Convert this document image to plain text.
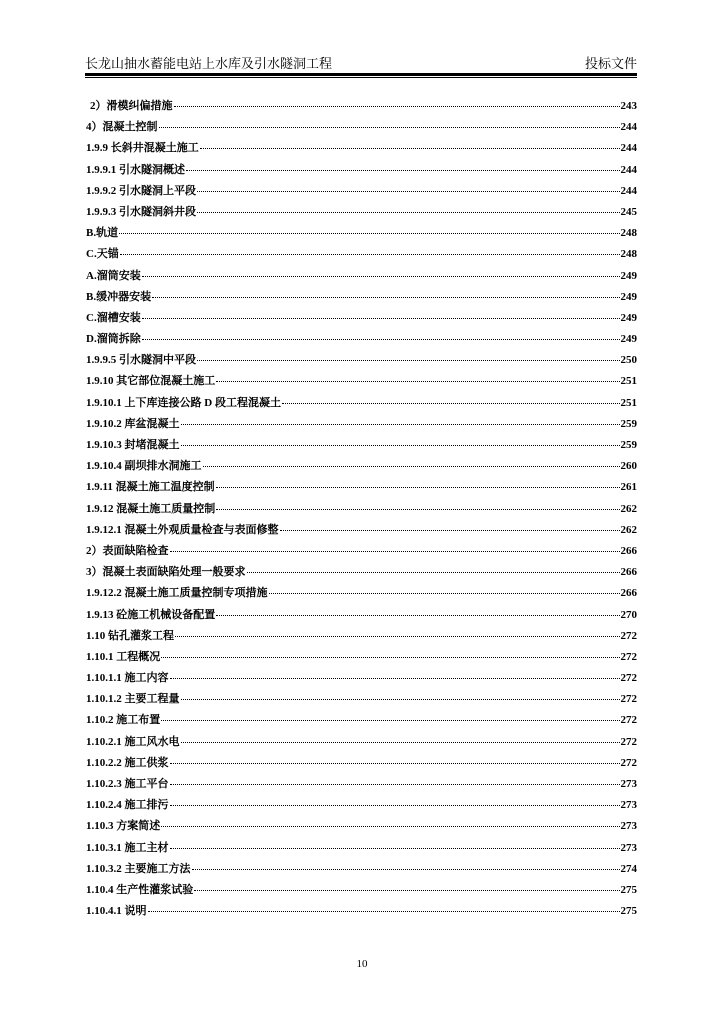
长龙山抽水蓄能电站上水库及引水隧洞工程	投标文件
2）滑模纠偏措施	243
4）混凝土控制	244
1.9.9 长斜井混凝土施工	244
1.9.9.1 引水隧洞概述	244
1.9.9.2 引水隧洞上平段	244
1.9.9.3 引水隧洞斜井段	245
B.轨道	248
C.天锚	248
A.溜筒安装	249
B.缓冲器安装	249
C.溜槽安装	249
D.溜筒拆除	249
1.9.9.5 引水隧洞中平段	250
1.9.10 其它部位混凝土施工	251
1.9.10.1 上下库连接公路 D 段工程混凝土	251
1.9.10.2 库盆混凝土	259
1.9.10.3 封堵混凝土	259
1.9.10.4 副坝排水洞施工	260
1.9.11 混凝土施工温度控制	261
1.9.12 混凝土施工质量控制	262
1.9.12.1 混凝土外观质量检查与表面修整	262
2）表面缺陷检查	266
3）混凝土表面缺陷处理一般要求	266
1.9.12.2 混凝土施工质量控制专项措施	266
1.9.13 砼施工机械设备配置	270
1.10 钻孔灌浆工程	272
1.10.1 工程概况	272
1.10.1.1 施工内容	272
1.10.1.2 主要工程量	272
1.10.2 施工布置	272
1.10.2.1 施工风水电	272
1.10.2.2 施工供浆	272
1.10.2.3 施工平台	273
1.10.2.4 施工排污	273
1.10.3 方案简述	273
1.10.3.1 施工主材	273
1.10.3.2 主要施工方法	274
1.10.4 生产性灌浆试验	275
1.10.4.1 说明	275
10
